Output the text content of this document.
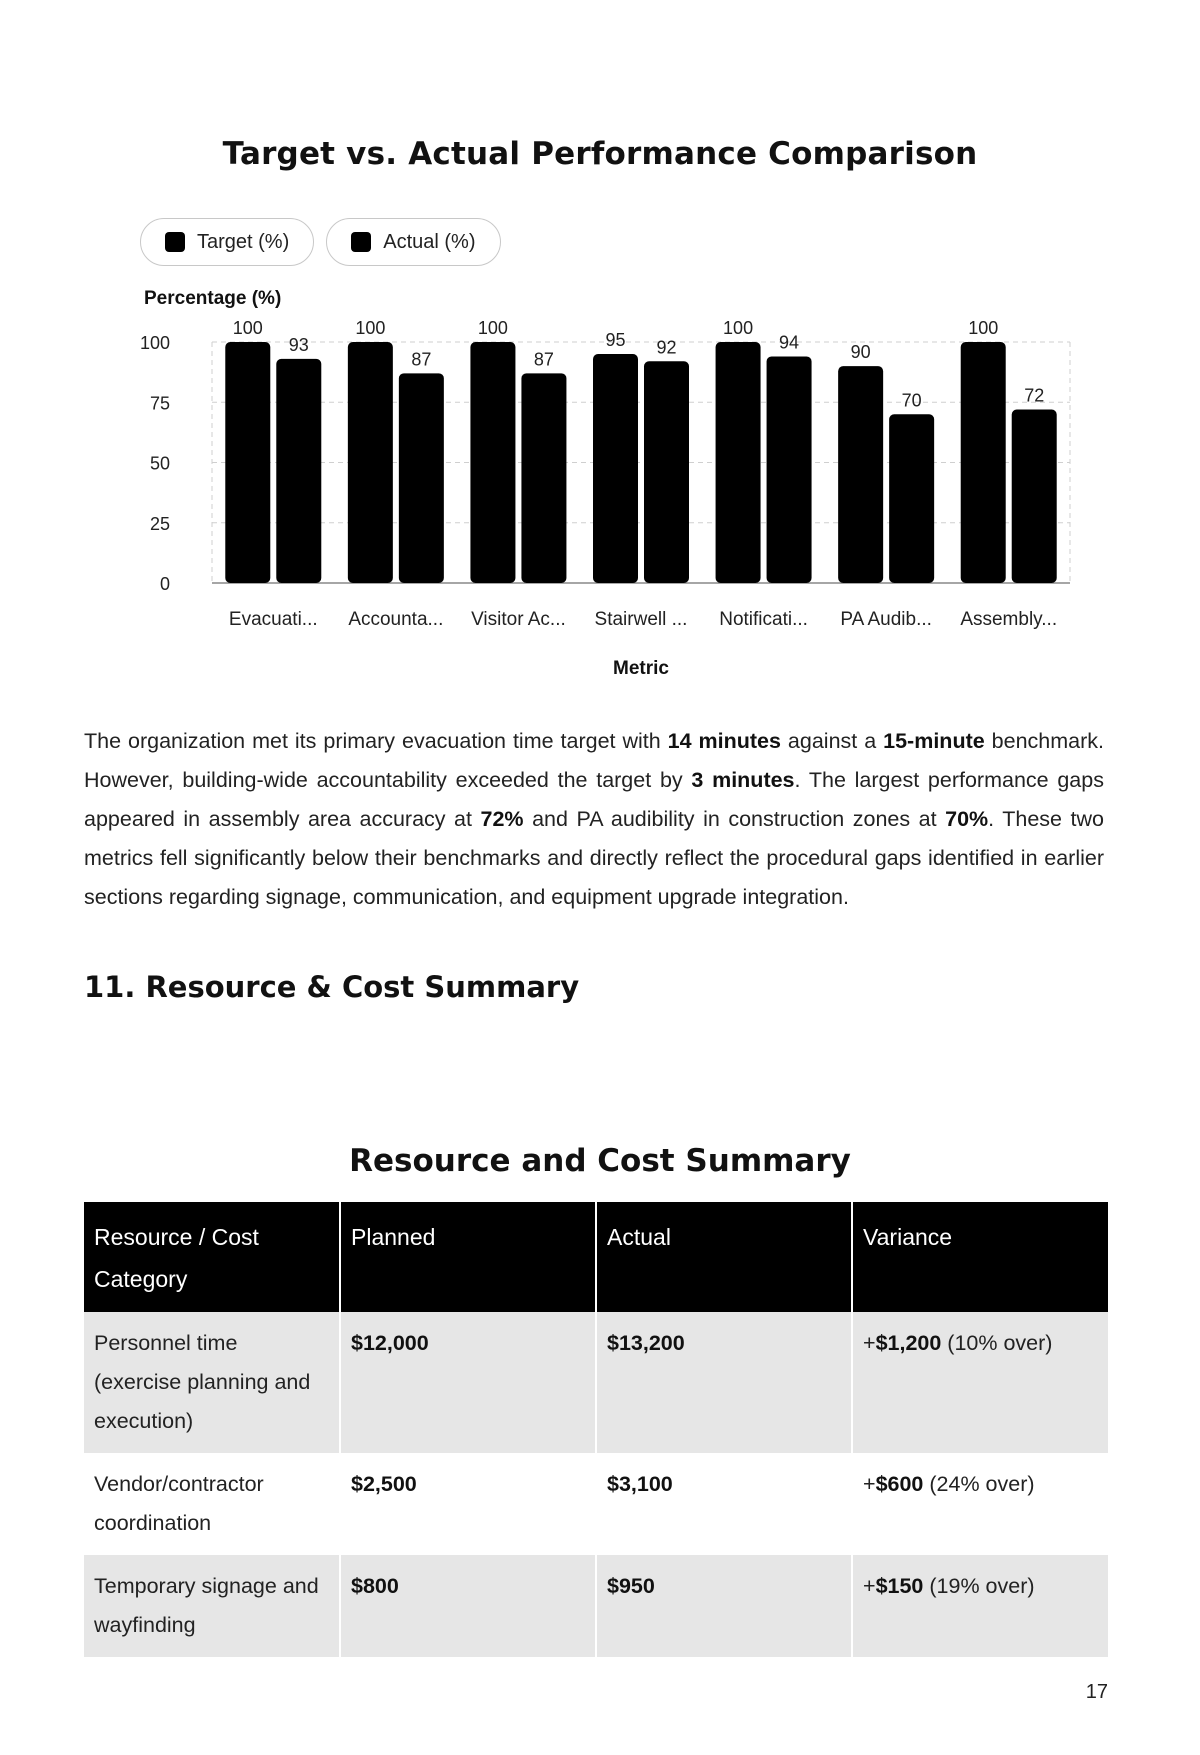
Target vs. Actual Performance Comparison
Target (%)	Actual (%)
Percentage (%)
0
25
50
75
100
100
93
Evacuati...
100
87
Accounta...
100
87
Visitor Ac...
95 92
Stairwell ...
100
94
Notificati...
90
70
PA Audib...
100
72
Assembly...
Metric

The organization met its primary evacuation time target with 14 minutes against a 15-minute benchmark. However, building-wide accountability exceeded the target by 3 minutes. The largest performance gaps appeared in assembly area accuracy at 72% and PA audibility in construction zones at 70%. These two metrics fell significantly below their benchmarks and directly reflect the procedural gaps identified in earlier sections regarding signage, communication, and equipment upgrade integration.

11. Resource & Cost Summary
Resource and Cost Summary
Resource / Cost Category	Planned	Actual	Variance
Personnel time (exercise planning and execution)	$12,000	$13,200	+$1,200 (10% over)
Vendor/contractor coordination	$2,500	$3,100	+$600 (24% over)
Temporary signage and wayfinding	$800	$950	+$150 (19% over)
17
